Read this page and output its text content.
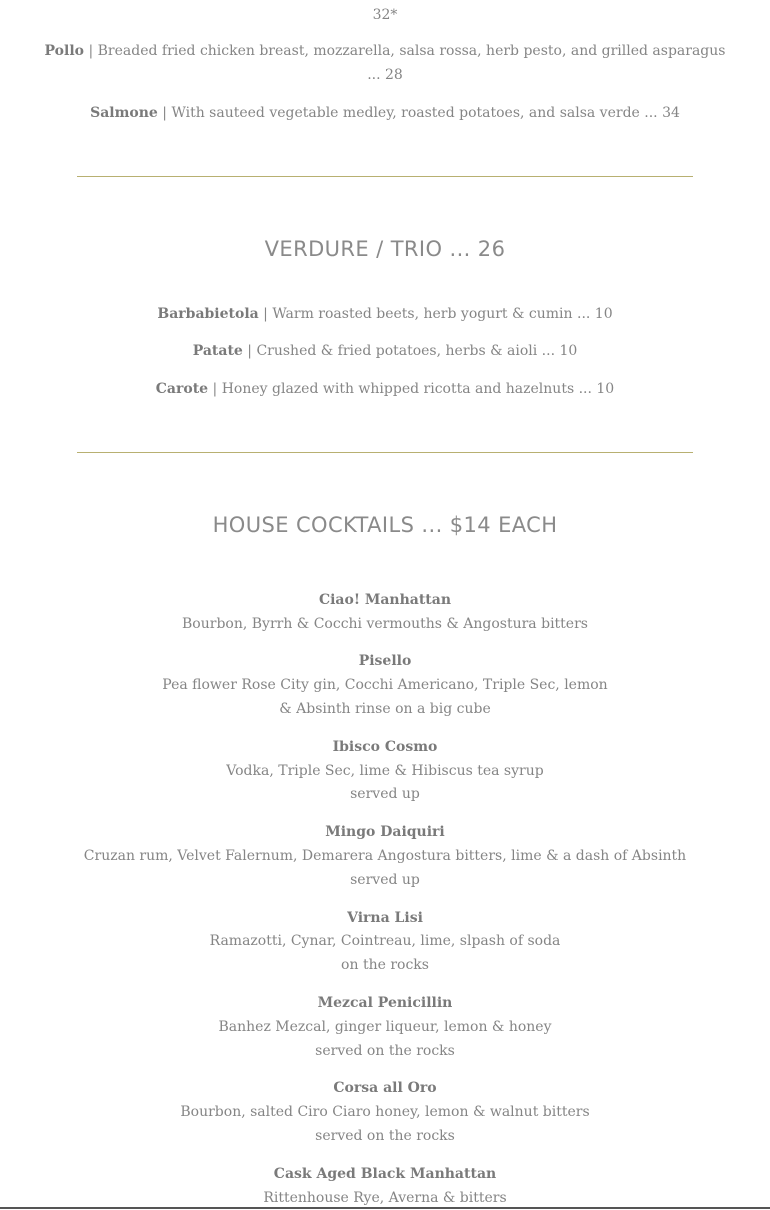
32*
Pollo | Breaded fried chicken breast, mozzarella, salsa rossa, herb pesto, and grilled asparagus
... 28
Salmone | With sauteed vegetable medley, roasted potatoes, and salsa verde ... 34
VERDURE / TRIO ... 26
Barbabietola | Warm roasted beets, herb yogurt & cumin ... 10
Patate | Crushed & fried potatoes, herbs & aioli ... 10
Carote | Honey glazed with whipped ricotta and hazelnuts ... 10
HOUSE COCKTAILS ... $14 EACH
Ciao! Manhattan
Bourbon, Byrrh & Cocchi vermouths & Angostura bitters
Pisello
Pea flower Rose City gin, Cocchi Americano, Triple Sec, lemon
& Absinth rinse on a big cube
Ibisco Cosmo
Vodka, Triple Sec, lime & Hibiscus tea syrup
served up
Mingo Daiquiri
Cruzan rum, Velvet Falernum, Demarera Angostura bitters, lime & a dash of Absinth
served up
Virna Lisi
Ramazotti, Cynar, Cointreau, lime, slpash of soda
on the rocks
Mezcal Penicillin
Banhez Mezcal, ginger liqueur, lemon & honey
served on the rocks
Corsa all Oro
Bourbon, salted Ciro Ciaro honey, lemon & walnut bitters
served on the rocks
Cask Aged Black Manhattan
Rittenhouse Rye, Averna & bitters
